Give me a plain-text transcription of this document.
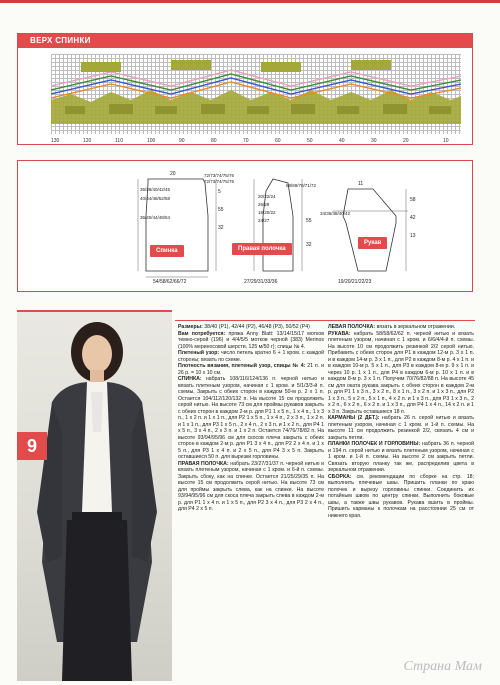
ВЕРХ СПИНКИ
130	120	110	100	90	80	70	60	50	40	30	20	10
36/38/40/42/45
40/44/48/52/58
36/40/44/48/54
20
5
55
32
54/58/62/66/72
Спинка
72/73/74/75/76
72/73/74/75/75
20/22/24
26/29
18/20/22
24/27
68/69/70/71/72
55
32
27/29/31/33/36
Правая полочка
11
34/36/38/40/42
58
42
13
19/20/21/22/23
Рукав
9

Размеры: 38/40 (Р1), 42/44 (Р2), 46/48 (Р3), 50/52 (Р4)

Вам потребуется: пряжа Anny Blatt: 13/14/15/17 мотков темно-серой (196) и 4/4/5/5 мотков черной (383) Merinos (100% мериносовой шерсти, 125 м/50 г); спицы № 4.

Плетеный узор: число петель кратно 6 + 1 кром. с каждой стороны; вязать по схеме.

Плотность вязания, плетеный узор, спицы № 4: 21 п. и 26 р. = 10 х 10 см.

СПИНКА: набрать 108/116/124/136 п. черной нитью и вязать плетеным узором, начиная с 1 кром. и 5/1/3/3-й п. схемы. Закрыть с обеих сторон в каждом 50-м р. 2 х 1 п. Остается 104/112/120/132 п. На высоте 15 см продолжить серой нитью. На высоте 73 см для проймы рукавов закрыть с обеих сторон в каждом 2-м р. для Р1 1 х 5 п., 1 х 4 п., 1 х 3 п., 1 х 2 п. и 1 х 1 п., для Р2 1 х 5 п., 1 х 4 п., 2 х 3 п., 1 х 2 п. и 1 х 1 п., для Р3 1 х 5 п., 2 х 4 п., 2 х 3 п. и 1 х 2 п., для Р4 1 х 5 п., 3 х 4 п., 2 х 3 п. и 1 х 2 п. Остается 74/76/78/82 п. На высоте 93/94/95/96 см для скосов плеча закрыть с обеих сторон в каждом 2-м р. для Р1 3 х 4 п., для Р2 2 х 4 п. и 1 х 5 п., для Р3 1 х 4 п. и 2 х 5 п., для Р4 3 х 5 п. Закрыть оставшиеся 50 п. для вырезки горловины.

ПРАВАЯ ПОЛОЧКА: набрать 23/27/31/37 п. черной нитью и вязать плетеным узором, начиная с 1 кром. и 6-й п. схемы. Закрыть сбоку, как на спинке. Остается 21/25/29/35 п. На высоте 15 см продолжить серой нитью. На высоте 73 см для проймы закрыть слева, как на спинке. На высоте 93/94/95/96 см для скоса плеча закрыть слева в каждом 2-м р. для Р1 1 х 4 п. и 1 х 5 п., для Р2 3 х 4 п., для Р3 2 х 4 п., для Р4 2 х 5 п.

ЛЕВАЯ ПОЛОЧКА: вязать в зеркальном отражении.

РУКАВА: набрать 58/58/62/62 п. черной нитью и вязать плетеным узором, начиная с 1 кром. и 6/6/4/4-й п. схемы. На высоте 10 см продолжить резинкой 2/2 серой нитью. Прибавить с обеих сторон для Р1 в каждом 12-м р. 3 х 1 п. и в каждом 14-м р. 3 х 1 п., для Р2 в каждом 8-м р. 4 х 1 п. и в каждом 10-м р. 5 х 1 п., для Р3 в каждом 8-м р. 9 х 1 п. и через 10 р. 1 х 1 п., для Р4 в каждом 6-м р. 10 х 1 п. и в каждом 8-м р. 3 х 1 п. Получим 70/76/82/88 п. На высоте 45 см для оката рукава закрыть с обеих сторон в каждом 2-м р. для Р1 1 х 3 п., 3 х 2 п., 8 х 1 п., 3 х 2 п. и 1 х 3 п., для Р2 1 х 3 п., 5 х 2 п., 5 х 1 п., 4 х 2 п. и 1 х 3 п., для Р3 1 х 3 п., 2 х 2 п., 6 х 2 п., 6 х 2 п. и 1 х 3 п., для Р4 1 х 4 п., 14 х 2 п. и 1 х 3 п. Закрыть оставшиеся 18 п.

КАРМАНЫ (2 ДЕТ.): набрать 26 п. серой нитью и вязать плетеным узором, начиная с 1 кром. и 1-й п. схемы. На высоте 11 см продолжить резинкой 2/2, связать 4 см и закрыть петли.

ПЛАНКИ ПОЛОЧЕК И ГОРЛОВИНЫ: набрать 36 п. черной и 194 п. серой нитью и вязать плетеным узором, начиная с 1 кром. и 1-й п. схемы. На высоте 2 см закрыть петли. Связать вторую планку так же, распределив цвета в зеркальном отражении.

СБОРКА: см. рекомендации по сборке на стр. 18; выполнить плечевые швы. Пришить планки по краю полочек и вырезу горловины спинки. Соединить их потайным швом по центру спинки. Выполнить боковые швы, а также швы рукавов. Рукава вшить в проймы. Пришить карманы к полочкам на расстоянии 25 см от нижнего края.

Страна Мам
